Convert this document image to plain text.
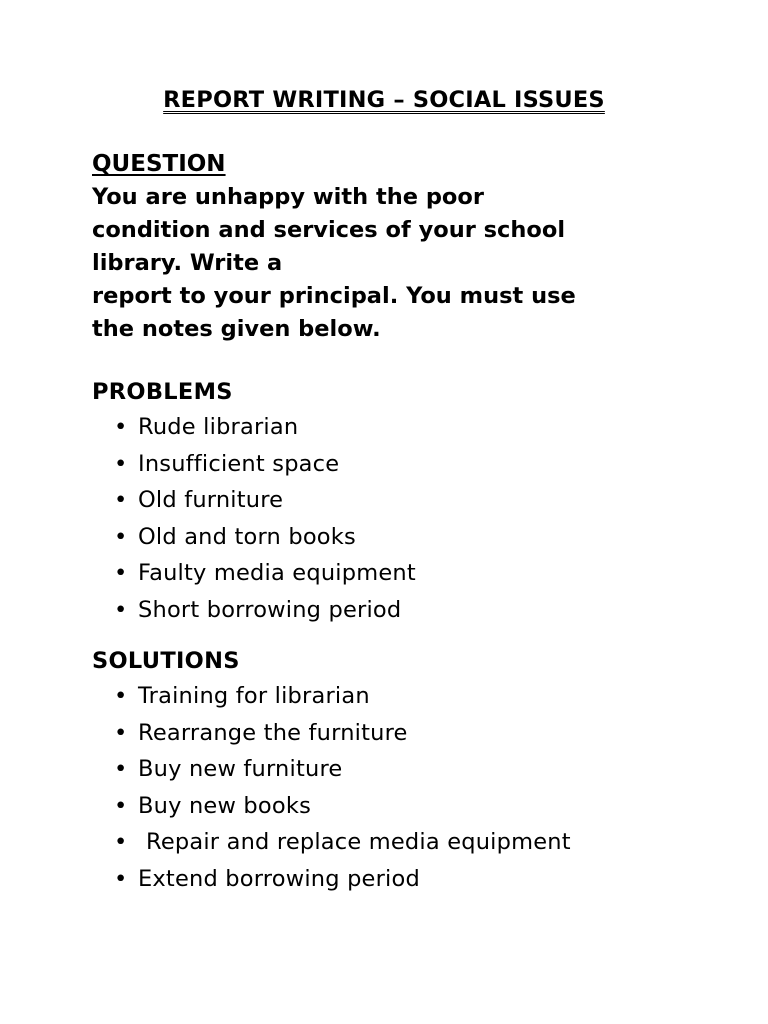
REPORT WRITING – SOCIAL ISSUES
QUESTION
You are unhappy with the poor
condition and services of your school
library. Write a
report to your principal. You must use
the notes given below.
PROBLEMS
• Rude librarian
• Insufficient space
• Old furniture
• Old and torn books
• Faulty media equipment
• Short borrowing period
SOLUTIONS
• Training for librarian
• Rearrange the furniture
• Buy new furniture
• Buy new books
• Repair and replace media equipment
• Extend borrowing period
